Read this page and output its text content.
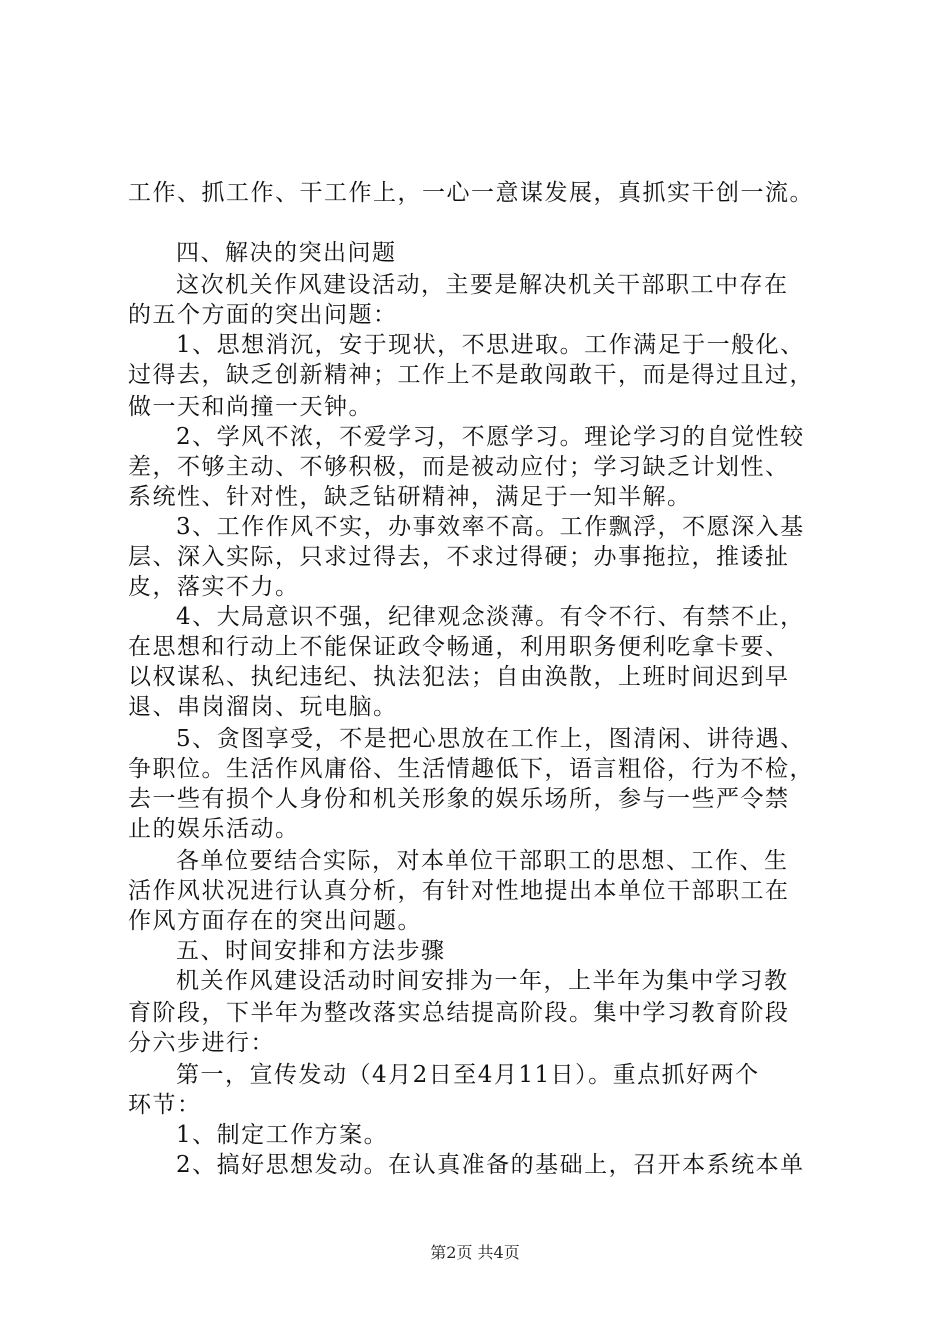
工作、抓工作、干工作上，一心一意谋发展，真抓实干创一流。
四、解决的突出问题
这次机关作风建设活动，主要是解决机关干部职工中存在
的五个方面的突出问题：
1、思想消沉，安于现状，不思进取。工作满足于一般化、
过得去，缺乏创新精神；工作上不是敢闯敢干，而是得过且过，
做一天和尚撞一天钟。
2、学风不浓，不爱学习，不愿学习。理论学习的自觉性较
差，不够主动、不够积极，而是被动应付；学习缺乏计划性、
系统性、针对性，缺乏钻研精神，满足于一知半解。
3、工作作风不实，办事效率不高。工作飘浮，不愿深入基
层、深入实际，只求过得去，不求过得硬；办事拖拉，推诿扯
皮，落实不力。
4、大局意识不强，纪律观念淡薄。有令不行、有禁不止，
在思想和行动上不能保证政令畅通，利用职务便利吃拿卡要、
以权谋私、执纪违纪、执法犯法；自由涣散，上班时间迟到早
退、串岗溜岗、玩电脑。
5、贪图享受，不是把心思放在工作上，图清闲、讲待遇、
争职位。生活作风庸俗、生活情趣低下，语言粗俗，行为不检，
去一些有损个人身份和机关形象的娱乐场所，参与一些严令禁
止的娱乐活动。
各单位要结合实际，对本单位干部职工的思想、工作、生
活作风状况进行认真分析，有针对性地提出本单位干部职工在
作风方面存在的突出问题。
五、时间安排和方法步骤
机关作风建设活动时间安排为一年，上半年为集中学习教
育阶段，下半年为整改落实总结提高阶段。集中学习教育阶段
分六步进行：
第一，宣传发动（4月2日至4月11日）。重点抓好两个
环节：
1、制定工作方案。
2、搞好思想发动。在认真准备的基础上，召开本系统本单
第2页 共4页
